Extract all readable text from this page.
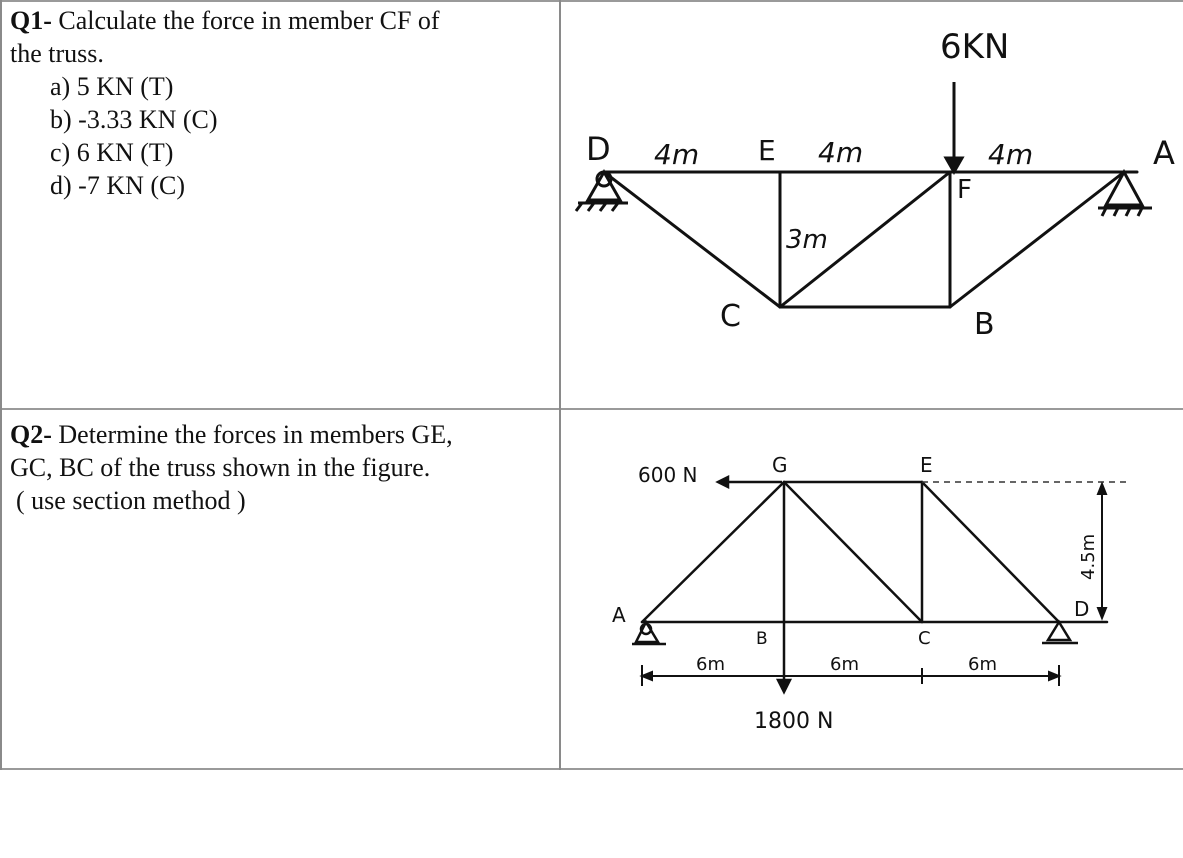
Q1- Calculate the force in member CF of
the truss.
a) 5 KN (T)
b) -3.33 KN (C)
c) 6 KN (T)
d) -7 KN (C)
Q2- Determine the forces in members GE,
GC, BC of the truss shown in the figure.
( use section method )
6KN
D 4m E 4m	4m	A
F
3m
C	B
600 N	G	E
A
B	C
D
6m	6m	6m
1800 N
4.5m
